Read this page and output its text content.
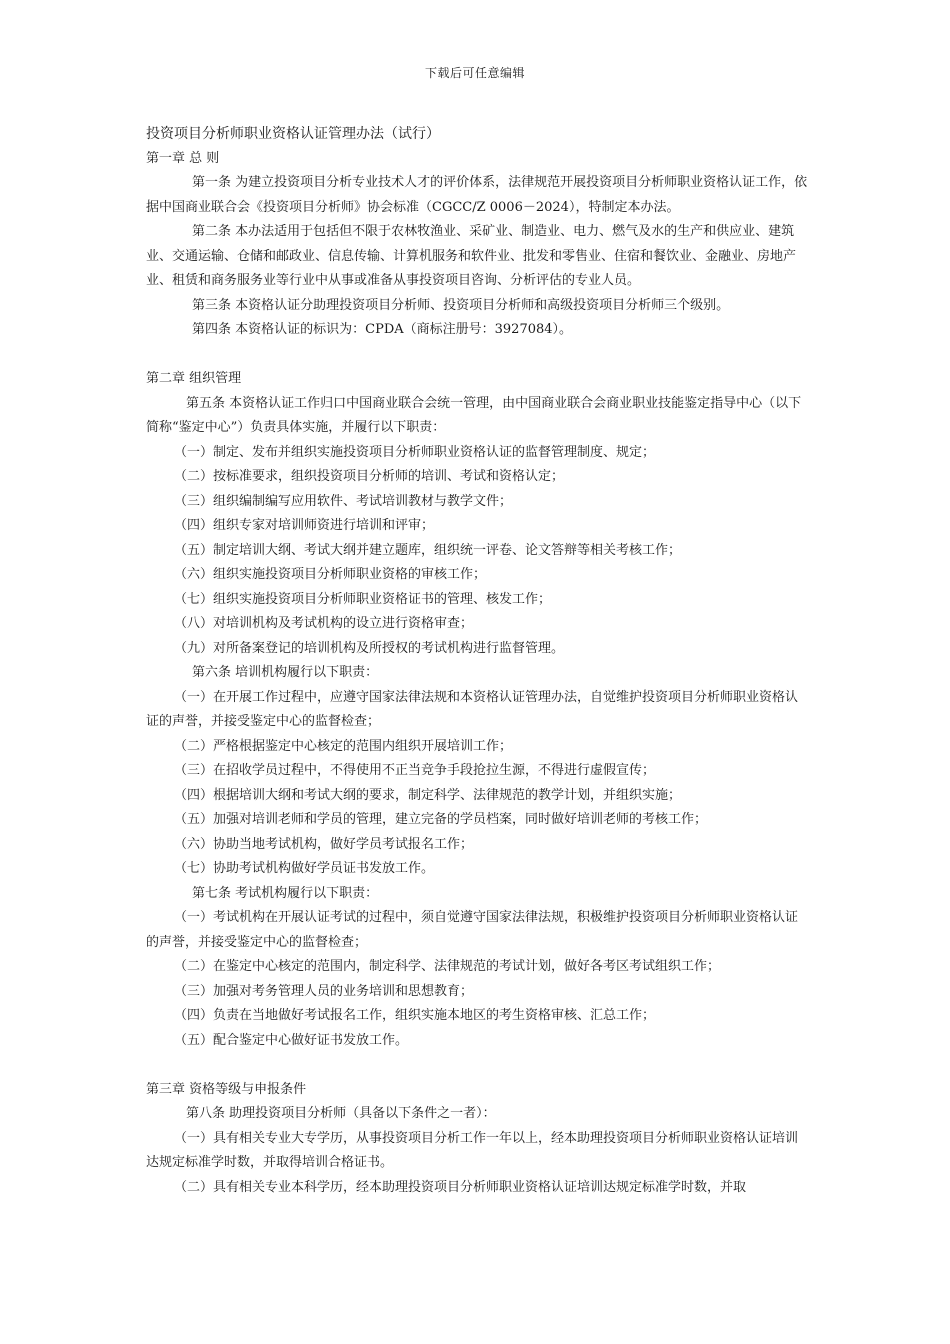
下载后可任意编辑

投资项目分析师职业资格认证管理办法（试行）

第一章 总 则

第一条 为建立投资项目分析专业技术人才的评价体系，法律规范开展投资项目分析师职业资格认证工作，依据中国商业联合会《投资项目分析师》协会标准（CGCC/Z 0006－2024），特制定本办法。

第二条 本办法适用于包括但不限于农林牧渔业、采矿业、制造业、电力、燃气及水的生产和供应业、建筑业、交通运输、仓储和邮政业、信息传输、计算机服务和软件业、批发和零售业、住宿和餐饮业、金融业、房地产业、租赁和商务服务业等行业中从事或准备从事投资项目咨询、分析评估的专业人员。

第三条 本资格认证分助理投资项目分析师、投资项目分析师和高级投资项目分析师三个级别。

第四条 本资格认证的标识为：CPDA（商标注册号：3927084）。

第二章 组织管理

第五条 本资格认证工作归口中国商业联合会统一管理，由中国商业联合会商业职业技能鉴定指导中心（以下简称“鉴定中心”）负责具体实施，并履行以下职责：

（一）制定、发布并组织实施投资项目分析师职业资格认证的监督管理制度、规定；

（二）按标准要求，组织投资项目分析师的培训、考试和资格认定；

（三）组织编制编写应用软件、考试培训教材与教学文件；

（四）组织专家对培训师资进行培训和评审；

（五）制定培训大纲、考试大纲并建立题库，组织统一评卷、论文答辩等相关考核工作；

（六）组织实施投资项目分析师职业资格的审核工作；

（七）组织实施投资项目分析师职业资格证书的管理、核发工作；

（八）对培训机构及考试机构的设立进行资格审查；

（九）对所备案登记的培训机构及所授权的考试机构进行监督管理。

第六条 培训机构履行以下职责：

（一）在开展工作过程中，应遵守国家法律法规和本资格认证管理办法，自觉维护投资项目分析师职业资格认证的声誉，并接受鉴定中心的监督检查；

（二）严格根据鉴定中心核定的范围内组织开展培训工作；

（三）在招收学员过程中，不得使用不正当竞争手段抢拉生源，不得进行虚假宣传；

（四）根据培训大纲和考试大纲的要求，制定科学、法律规范的教学计划，并组织实施；

（五）加强对培训老师和学员的管理，建立完备的学员档案，同时做好培训老师的考核工作；

（六）协助当地考试机构，做好学员考试报名工作；

（七）协助考试机构做好学员证书发放工作。

第七条 考试机构履行以下职责：

（一）考试机构在开展认证考试的过程中，须自觉遵守国家法律法规，积极维护投资项目分析师职业资格认证的声誉，并接受鉴定中心的监督检查；

（二）在鉴定中心核定的范围内，制定科学、法律规范的考试计划，做好各考区考试组织工作；

（三）加强对考务管理人员的业务培训和思想教育；

（四）负责在当地做好考试报名工作，组织实施本地区的考生资格审核、汇总工作；

（五）配合鉴定中心做好证书发放工作。

第三章 资格等级与申报条件

第八条 助理投资项目分析师（具备以下条件之一者）：

（一）具有相关专业大专学历，从事投资项目分析工作一年以上，经本助理投资项目分析师职业资格认证培训达规定标准学时数，并取得培训合格证书。

（二）具有相关专业本科学历，经本助理投资项目分析师职业资格认证培训达规定标准学时数，并取
